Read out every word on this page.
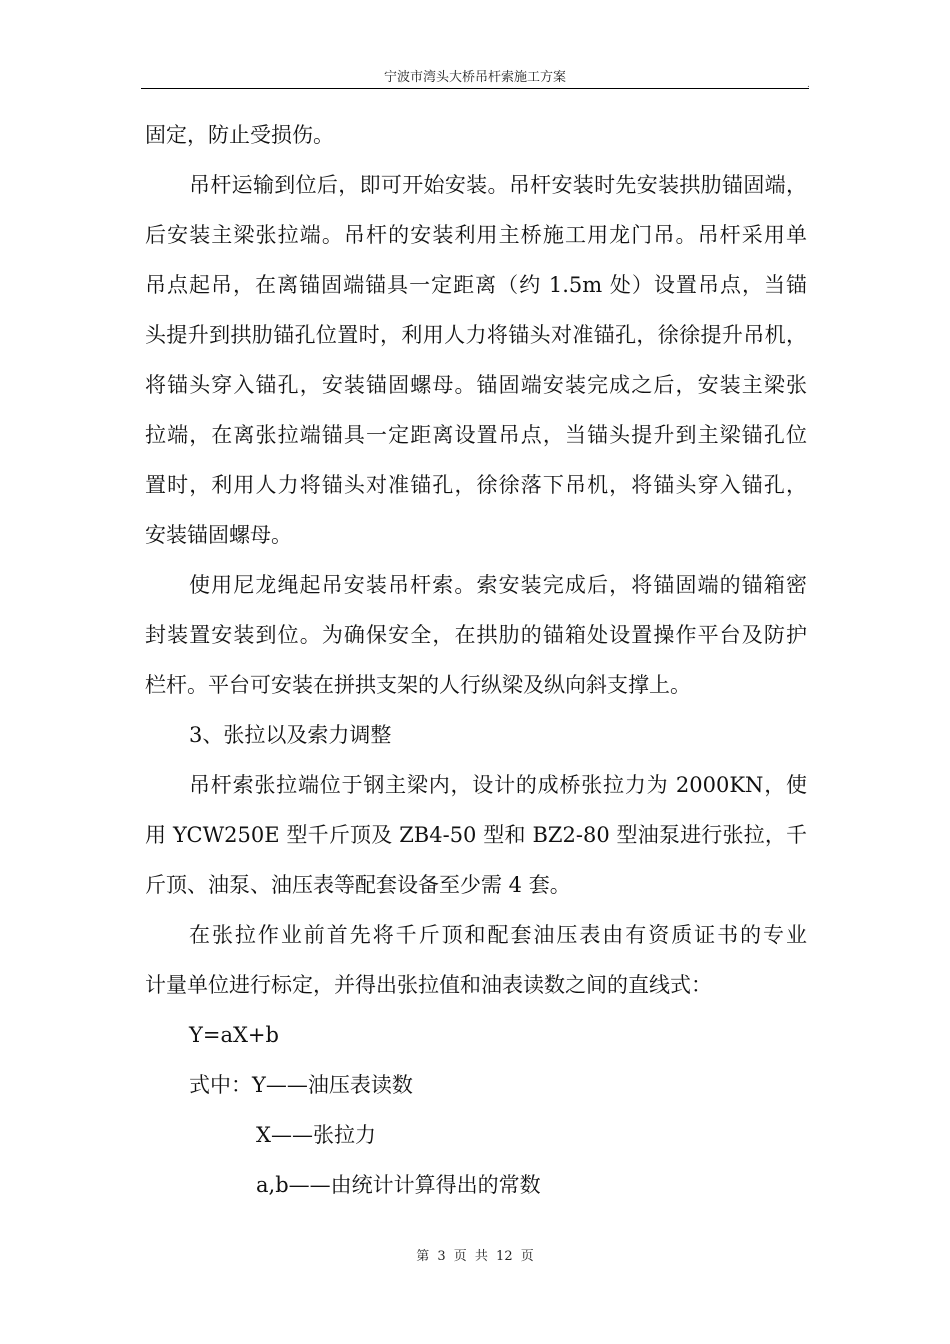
宁波市湾头大桥吊杆索施工方案	.
固定，防止受损伤。
吊杆运输到位后，即可开始安装。吊杆安装时先安装拱肋锚固端，
后安装主梁张拉端。吊杆的安装利用主桥施工用龙门吊。吊杆采用单
吊点起吊，在离锚固端锚具一定距离（约 1.5m 处）设置吊点，当锚
头提升到拱肋锚孔位置时，利用人力将锚头对准锚孔，徐徐提升吊机，
将锚头穿入锚孔，安装锚固螺母。锚固端安装完成之后，安装主梁张
拉端，在离张拉端锚具一定距离设置吊点，当锚头提升到主梁锚孔位
置时，利用人力将锚头对准锚孔，徐徐落下吊机，将锚头穿入锚孔，
安装锚固螺母。
使用尼龙绳起吊安装吊杆索。索安装完成后，将锚固端的锚箱密
封装置安装到位。为确保安全，在拱肋的锚箱处设置操作平台及防护
栏杆。平台可安装在拼拱支架的人行纵梁及纵向斜支撑上。
3、张拉以及索力调整
吊杆索张拉端位于钢主梁内，设计的成桥张拉力为 2000KN，使
用 YCW250E 型千斤顶及 ZB4-50 型和 BZ2-80 型油泵进行张拉，千
斤顶、油泵、油压表等配套设备至少需 4 套。
在张拉作业前首先将千斤顶和配套油压表由有资质证书的专业
计量单位进行标定，并得出张拉值和油表读数之间的直线式：
Y=aX+b
式中：Y——油压表读数
X——张拉力
a,b——由统计计算得出的常数
第 3 页 共 12 页
